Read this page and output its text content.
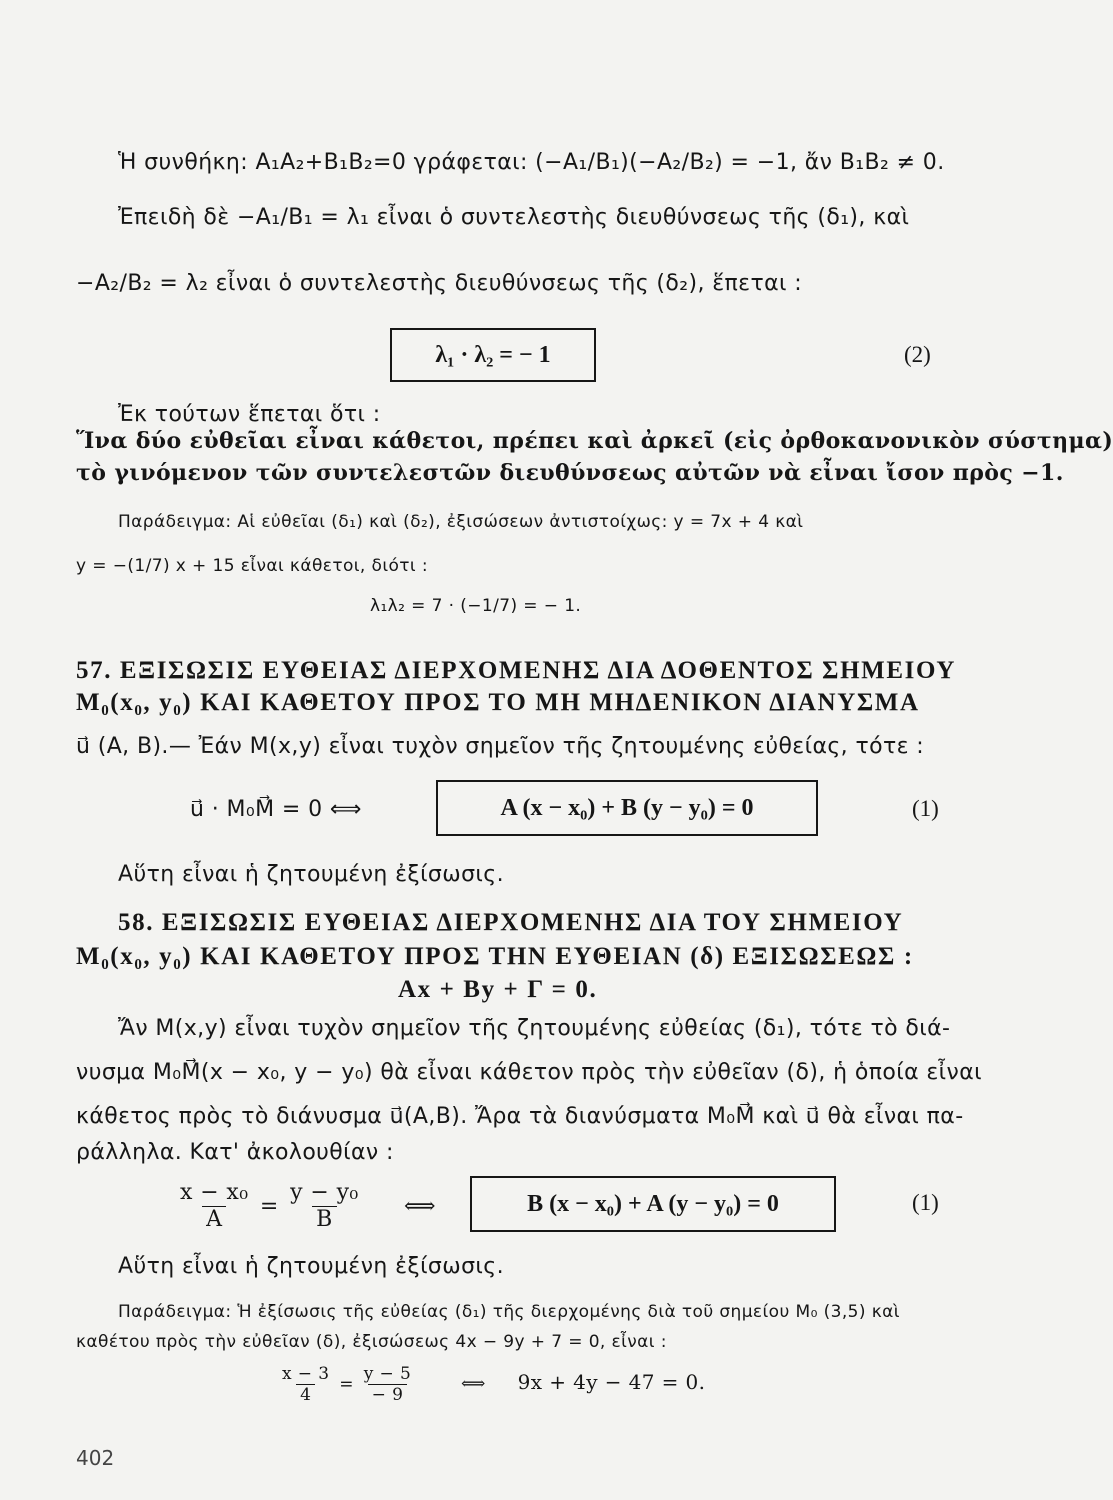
Ἡ συνθήκη: A₁A₂+B₁B₂=0 γράφεται: (−A₁/B₁)(−A₂/B₂) = −1, ἄν B₁B₂ ≠ 0.
Ἐπειδὴ δὲ −A₁/B₁ = λ₁ εἶναι ὁ συντελεστὴς διευθύνσεως τῆς (δ₁), καὶ
−A₂/B₂ = λ₂ εἶναι ὁ συντελεστὴς διευθύνσεως τῆς (δ₂), ἕπεται :
λ₁ · λ₂ = − 1	(2)
Ἐκ τούτων ἕπεται ὅτι :
Ἵνα δύο εὐθεῖαι εἶναι κάθετοι, πρέπει καὶ ἀρκεῖ (εἰς ὀρθοκανονικὸν σύστημα)
τὸ γινόμενον τῶν συντελεστῶν διευθύνσεως αὐτῶν νὰ εἶναι ἴσον πρὸς −1.
Παράδειγμα: Αἱ εὐθεῖαι (δ₁) καὶ (δ₂), ἐξισώσεων ἀντιστοίχως: y = 7x + 4 καὶ
y = −(1/7) x + 15 εἶναι κάθετοι, διότι :
λ₁λ₂ = 7 · (−1/7) = − 1.
57. ΕΞΙΣΩΣΙΣ ΕΥΘΕΙΑΣ ΔΙΕΡΧΟΜΕΝΗΣ ΔΙΑ ΔΟΘΕΝΤΟΣ ΣΗΜΕΙΟΥ
M₀(x₀, y₀) ΚΑΙ ΚΑΘΕΤΟΥ ΠΡΟΣ ΤΟ ΜΗ ΜΗΔΕΝΙΚΟΝ ΔΙΑΝΥΣΜΑ
u⃗ (A, B).— Ἐάν M(x,y) εἶναι τυχὸν σημεῖον τῆς ζητουμένης εὐθείας, τότε :
u⃗ · M₀M⃗ = 0 ⟺	A (x − x₀) + B (y − y₀) = 0	(1)
Αὕτη εἶναι ἡ ζητουμένη ἐξίσωσις.
58. ΕΞΙΣΩΣΙΣ ΕΥΘΕΙΑΣ ΔΙΕΡΧΟΜΕΝΗΣ ΔΙΑ ΤΟΥ ΣΗΜΕΙΟΥ
M₀(x₀, y₀) ΚΑΙ ΚΑΘΕΤΟΥ ΠΡΟΣ ΤΗΝ ΕΥΘΕΙΑΝ (δ) ΕΞΙΣΩΣΕΩΣ :
Ax + By + Γ = 0.
Ἄν M(x,y) εἶναι τυχὸν σημεῖον τῆς ζητουμένης εὐθείας (δ₁), τότε τὸ διά-
νυσμα M₀M⃗(x − x₀, y − y₀) θὰ εἶναι κάθετον πρὸς τὴν εὐθεῖαν (δ), ἡ ὁποία εἶναι
κάθετος πρὸς τὸ διάνυσμα u⃗(A,B). Ἄρα τὰ διανύσματα M₀M⃗ καὶ u⃗ θὰ εἶναι πα-
ράλληλα. Κατ' ἀκολουθίαν :
$\frac{\text{x − x₀}}{A} = \frac{\text{y − y₀}}{B}$ ⟺	B (x − x₀) + A (y − y₀) = 0	(1)
Αὕτη εἶναι ἡ ζητουμένη ἐξίσωσις.
Παράδειγμα: Ἡ ἐξίσωσις τῆς εὐθείας (δ₁) τῆς διερχομένης διὰ τοῦ σημείου M₀ (3,5) καὶ
καθέτου πρὸς τὴν εὐθεῖαν (δ), ἐξισώσεως 4x − 9y + 7 = 0, εἶναι :
$\frac{x - 3}{4} = \frac{y - 5}{- 9}$	⟺ 9x + 4y − 47 = 0.
402
